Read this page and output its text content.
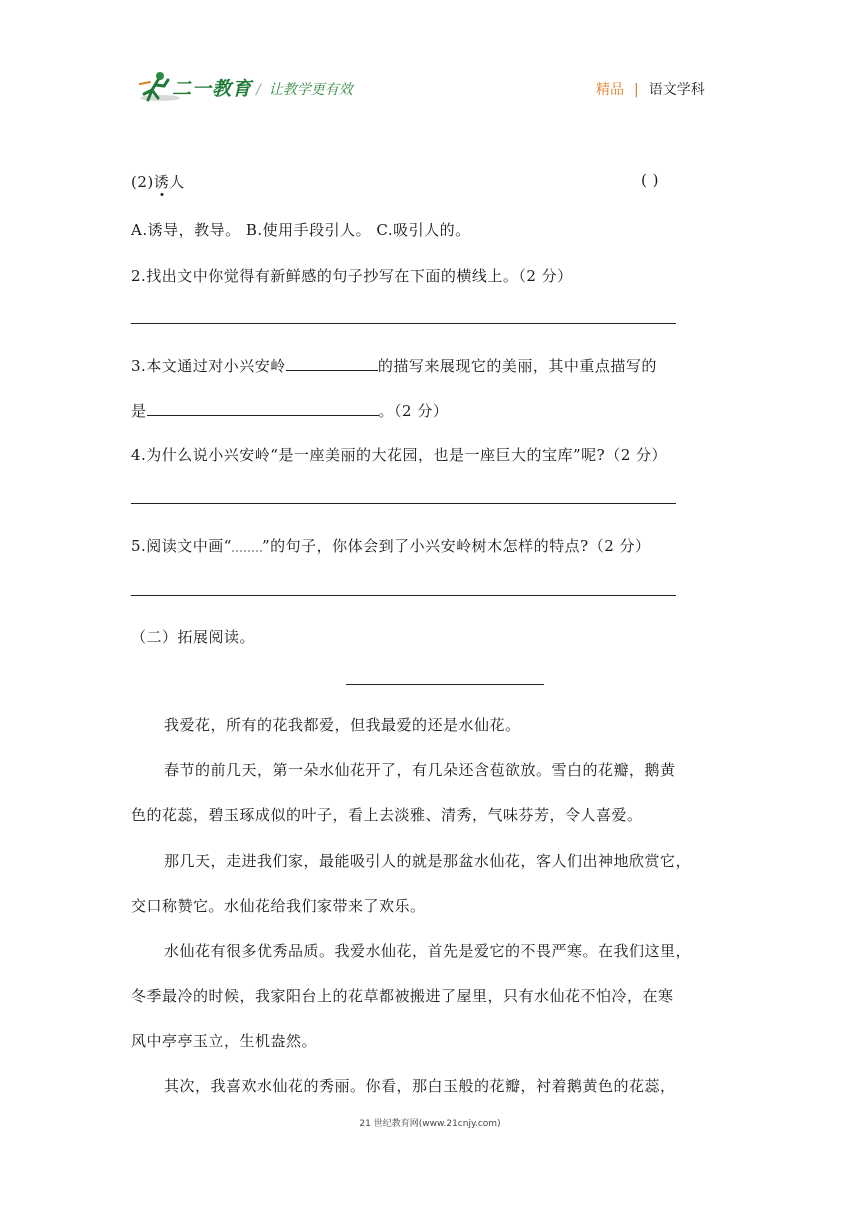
二一教育 / 让教学更有效	精品 | 语文学科
(2)诱人	( )
A.诱导，教导。 B.使用手段引人。 C.吸引人的。
2.找出文中你觉得有新鲜感的句子抄写在下面的横线上。（2 分）
3.本文通过对小兴安岭	的描写来展现它的美丽，其中重点描写的
是	。（2 分）
4.为什么说小兴安岭“是一座美丽的大花园，也是一座巨大的宝库”呢?（2 分）
5.阅读文中画“ ”的句子，你体会到了小兴安岭树木怎样的特点?（2 分）
（二）拓展阅读。
我爱花，所有的花我都爱，但我最爱的还是水仙花。
春节的前几天，第一朵水仙花开了，有几朵还含苞欲放。雪白的花瓣，鹅黄
色的花蕊，碧玉琢成似的叶子，看上去淡雅、清秀，气味芬芳，令人喜爱。
那几天，走进我们家，最能吸引人的就是那盆水仙花，客人们出神地欣赏它，
交口称赞它。水仙花给我们家带来了欢乐。
水仙花有很多优秀品质。我爱水仙花，首先是爱它的不畏严寒。在我们这里，
冬季最冷的时候，我家阳台上的花草都被搬进了屋里，只有水仙花不怕冷，在寒
风中亭亭玉立，生机盎然。
其次，我喜欢水仙花的秀丽。你看，那白玉般的花瓣，衬着鹅黄色的花蕊，
21 世纪教育网(www.21cnjy.com)
